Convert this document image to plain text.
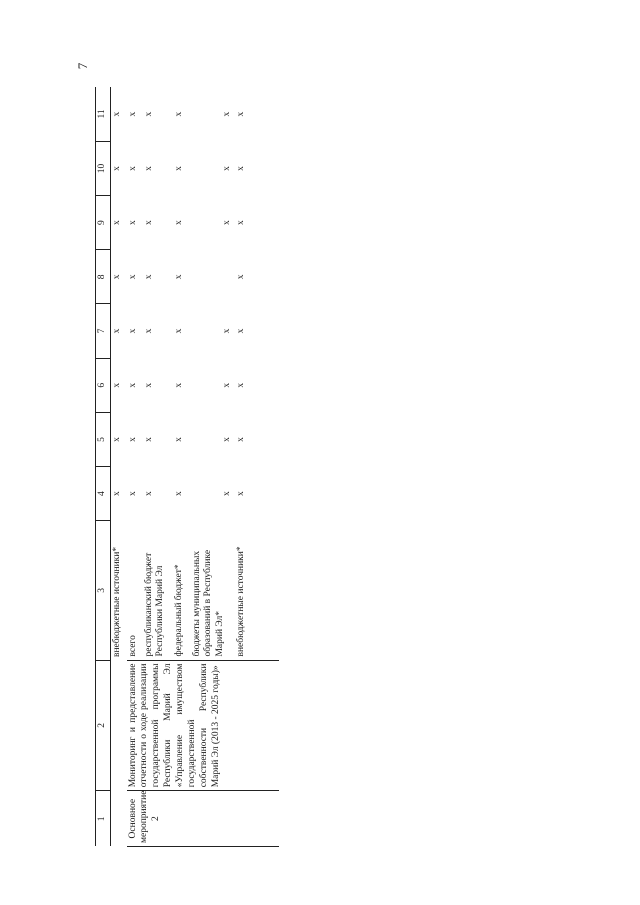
7
1	2	3	4	5	6	7	8	9	10	11
		внебюджетные источники*	x	x	x	x	x	x	x	x
Основное мероприятие 2	Мониторинг и представление отчетности о ходе реализации государственной программы Республики Марий Эл «Управление имуществом государственной собственности Республики Марий Эл (2013 - 2025 годы)»	всего	x	x	x	x	x	x	x	x
		республиканский бюджет Республики Марий Эл	x	x	x	x	x	x	x	x
		федеральный бюджет*	x	x	x	x	x	x	x	x
		бюджеты муниципальных образований в Республике Марий Эл*	x	x	x	x		x	x	x
		внебюджетные источники*	x	x	x	x	x	x	x	x
